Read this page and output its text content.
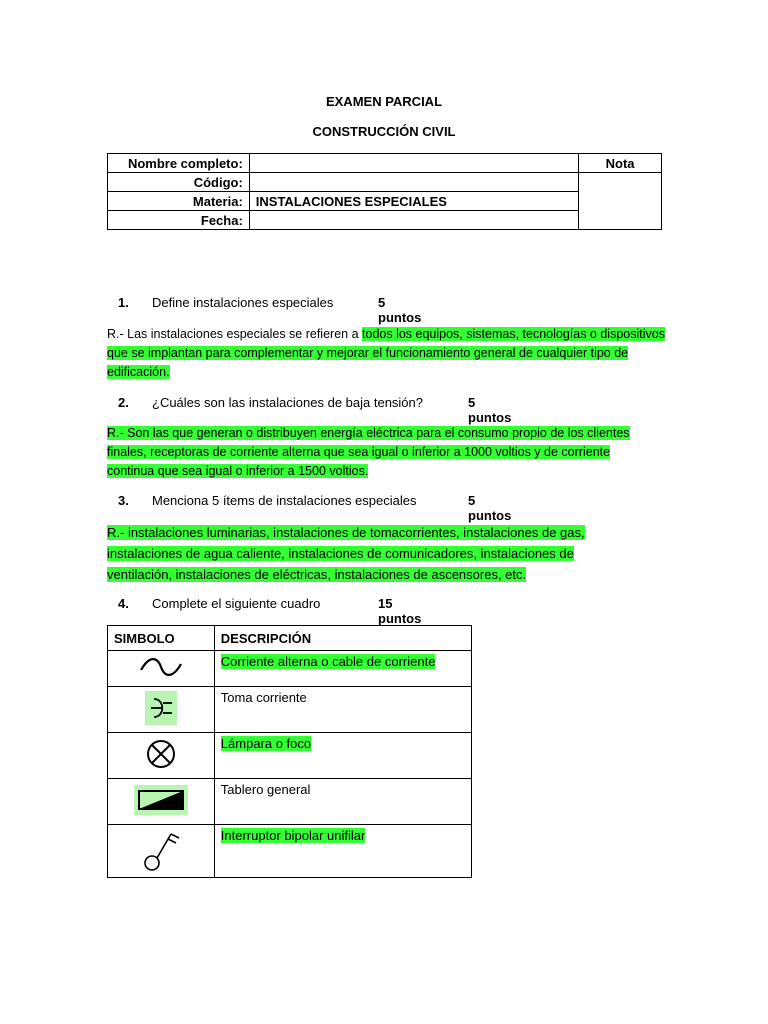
EXAMEN PARCIAL
CONSTRUCCIÓN CIVIL
Nombre completo:		Nota
Código:		
Materia:	INSTALACIONES ESPECIALES	
Fecha:		
1. Define instalaciones especiales	5 puntos
R.- Las instalaciones especiales se refieren a todos los equipos, sistemas, tecnologías o dispositivos que se implantan para complementar y mejorar el funcionamiento general de cualquier tipo de edificación.
2. ¿Cuáles son las instalaciones de baja tensión?	5 puntos
R.- Son las que generan o distribuyen energía eléctrica para el consumo propio de los clientes finales, receptoras de corriente alterna que sea igual o inferior a 1000 voltios y de corriente continua que sea igual o inferior a 1500 voltios.
3. Menciona 5 ítems de instalaciones especiales	5 puntos
R.- instalaciones luminarias, instalaciones de tomacorrientes, instalaciones de gas, instalaciones de agua caliente, instalaciones de comunicadores, instalaciones de ventilación, instalaciones de eléctricas, instalaciones de ascensores, etc.
4. Complete el siguiente cuadro	15 puntos
SIMBOLO	DESCRIPCIÓN
	Corriente alterna o cable de corriente
	Toma corriente
	Lámpara o foco
	Tablero general
	Interruptor bipolar unifilar
